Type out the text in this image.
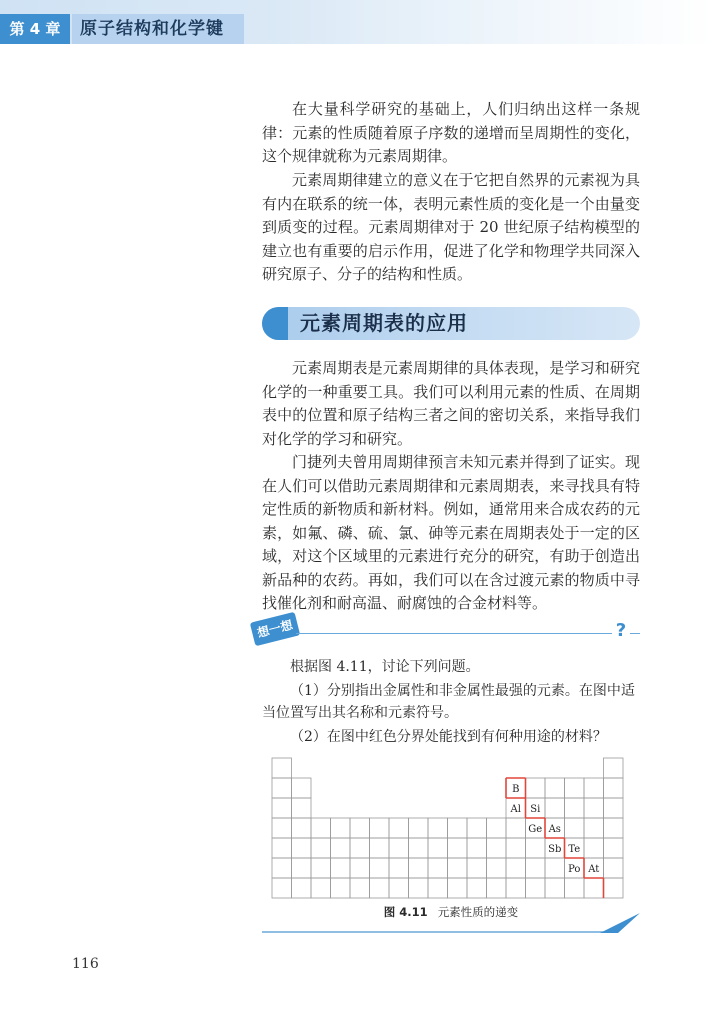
第 4 章	原子结构和化学键

在大量科学研究的基础上，人们归纳出这样一条规律：元素的性质随着原子序数的递增而呈周期性的变化，这个规律就称为元素周期律。

元素周期律建立的意义在于它把自然界的元素视为具有内在联系的统一体，表明元素性质的变化是一个由量变到质变的过程。元素周期律对于 20 世纪原子结构模型的建立也有重要的启示作用，促进了化学和物理学共同深入研究原子、分子的结构和性质。

元素周期表的应用

元素周期表是元素周期律的具体表现，是学习和研究化学的一种重要工具。我们可以利用元素的性质、在周期表中的位置和原子结构三者之间的密切关系，来指导我们对化学的学习和研究。

门捷列夫曾用周期律预言未知元素并得到了证实。现在人们可以借助元素周期律和元素周期表，来寻找具有特定性质的新物质和新材料。例如，通常用来合成农药的元素，如氟、磷、硫、氯、砷等元素在周期表处于一定的区域，对这个区域里的元素进行充分的研究，有助于创造出新品种的农药。再如，我们可以在含过渡元素的物质中寻找催化剂和耐高温、耐腐蚀的合金材料等。

想一想	?

根据图 4.11，讨论下列问题。

（1）分别指出金属性和非金属性最强的元素。在图中适当位置写出其名称和元素符号。

（2）在图中红色分界处能找到有何种用途的材料？

B
Al Si
Ge As
Sb Te
Po At
图 4.11 元素性质的递变
116
